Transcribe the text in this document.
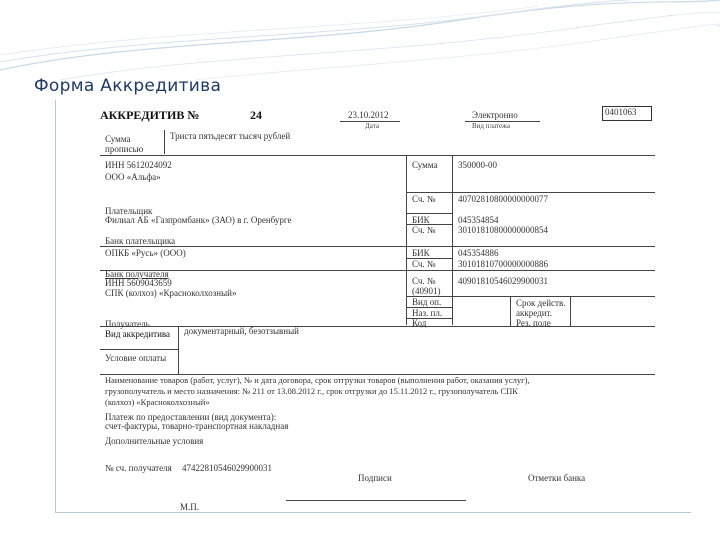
Форма Аккредитива
АККРЕДИТИВ №	24	23.10.2012
Дата
Электронно
Вид платежа
0401063
Сумма прописью
Триста пятьдесят тысяч рублей
ИНН 5612024092
ООО «Альфа»
Сумма 350000-00
Сч. №	40702810800000000077
Плательщик
Филиал АБ «Газпромбанк» (ЗАО) в г. Оренбурге	БИК	045354854
Сч. №	30101810800000000854
Банк плательщика
ОПКБ «Русь» (ООО)	БИК	045354886
Сч. №	30101810700000000886
Банк получателя
ИНН 5609043659
СПК (колхоз) «Красноколхозный»
Сч. № (40901)
40901810546029900031
Вид оп.
Наз. пл.
Код
Срок действ. аккредит.
Рез. поле
Получатель
Вид аккредитива	документарный, безотзывный
Условие оплаты
Наименование товаров (работ, услуг), № и дата договора, срок отгрузки товаров (выполнения работ, оказания услуг),
грузополучатель и место назначения: № 211 от 13.08.2012 г., срок отгрузки до 15.11.2012 г., грузополучатель СПК
(колхоз) «Красноколхозный»
Платеж по предоставлении (вид документа):
счет-фактуры, товарно-транспортная накладная
Дополнительные условия
№ сч. получателя 47422810546029900031
Подписи	Отметки банка
М.П.
